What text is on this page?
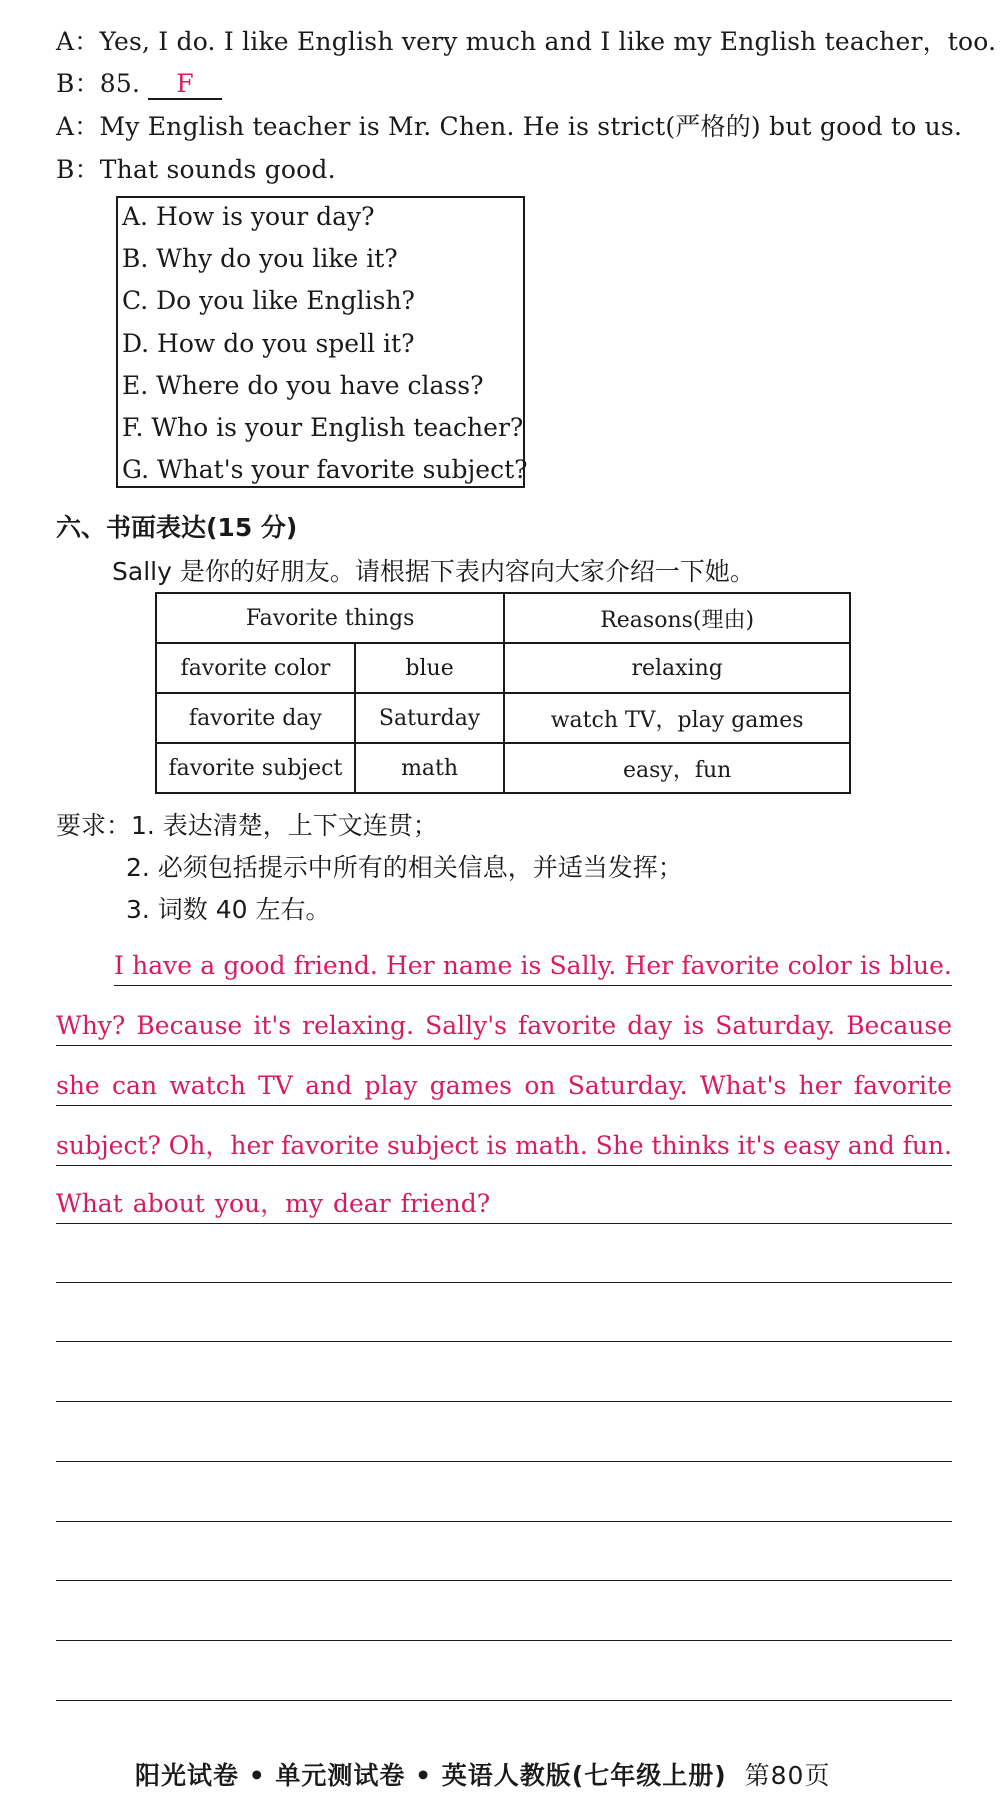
A：Yes, I do. I like English very much and I like my English teacher，too.
B：85. F
A：My English teacher is Mr. Chen. He is strict(严格的) but good to us.
B：That sounds good.
A. How is your day?
B. Why do you like it?
C. Do you like English?
D. How do you spell it?
E. Where do you have class?
F. Who is your English teacher?
G. What's your favorite subject?
六、书面表达(15 分)
Sally 是你的好朋友。请根据下表内容向大家介绍一下她。
Favorite things		Reasons(理由)
favorite color	blue	relaxing
favorite day	Saturday	watch TV，play games
favorite subject	math	easy，fun
要求：1. 表达清楚，上下文连贯；
2. 必须包括提示中所有的相关信息，并适当发挥；
3. 词数 40 左右。
I have a good friend. Her name is Sally. Her favorite color is blue.
Why? Because it's relaxing. Sally's favorite day is Saturday. Because
she can watch TV and play games on Saturday. What's her favorite
subject? Oh，her favorite subject is math. She thinks it's easy and fun.
What about you，my dear friend?
阳光试卷 • 单元测试卷 • 英语人教版(七年级上册) 第80页
